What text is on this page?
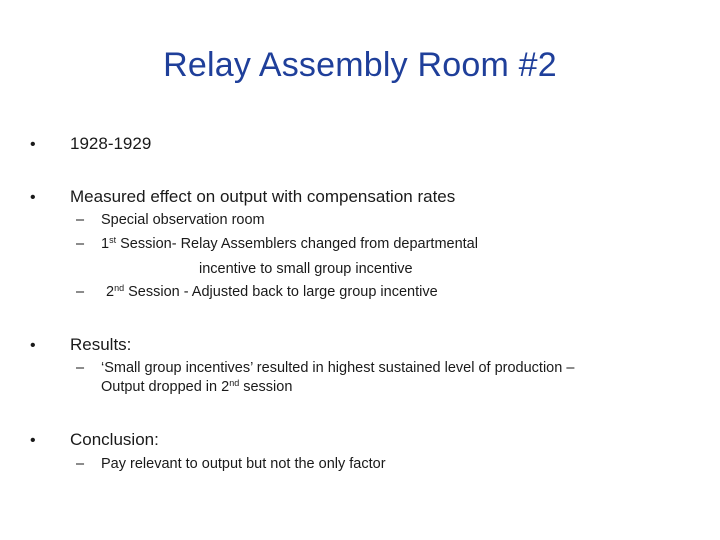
Relay Assembly Room #2
• 1928-1929
• Measured effect on output with compensation rates
– Special observation room
– 1st Session- Relay Assemblers changed from departmental
incentive to small group incentive
– 2nd Session - Adjusted back to large group incentive
• Results:
– ‘Small group incentives’ resulted in highest sustained level of production –
Output dropped in 2nd session
• Conclusion:
– Pay relevant to output but not the only factor
